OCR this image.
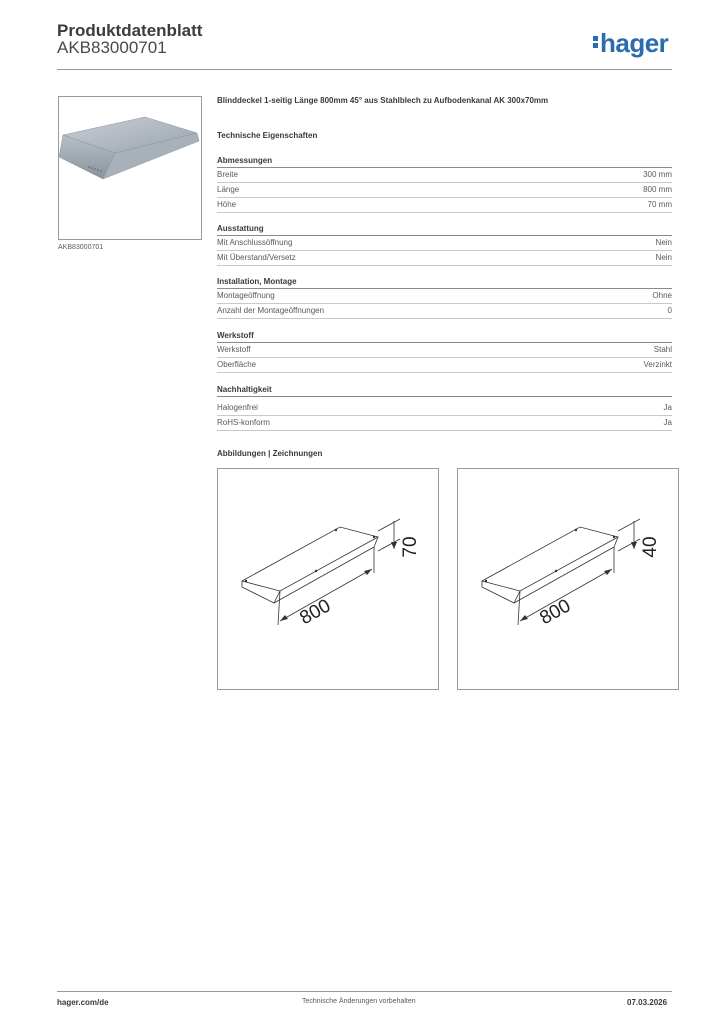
Produktdatenblatt
AKB83000701	hager
AKB83000701
Blinddeckel 1-seitig Länge 800mm 45° aus Stahlblech zu Aufbodenkanal AK 300x70mm
Technische Eigenschaften
Abmessungen
Breite	300 mm
Länge	800 mm
Höhe	70 mm
Ausstattung
Mit Anschlussöffnung	Nein
Mit Überstand/Versetz	Nein
Installation, Montage
Montageöffnung	Ohne
Anzahl der Montageöffnungen	0
Werkstoff
Werkstoff	Stahl
Oberfläche	Verzinkt
Nachhaltigkeit
Halogenfrei	Ja
RoHS-konform	Ja
Abbildungen | Zeichnungen
800
70
800
40
hager.com/de	Technische Änderungen vorbehalten	07.03.2026
